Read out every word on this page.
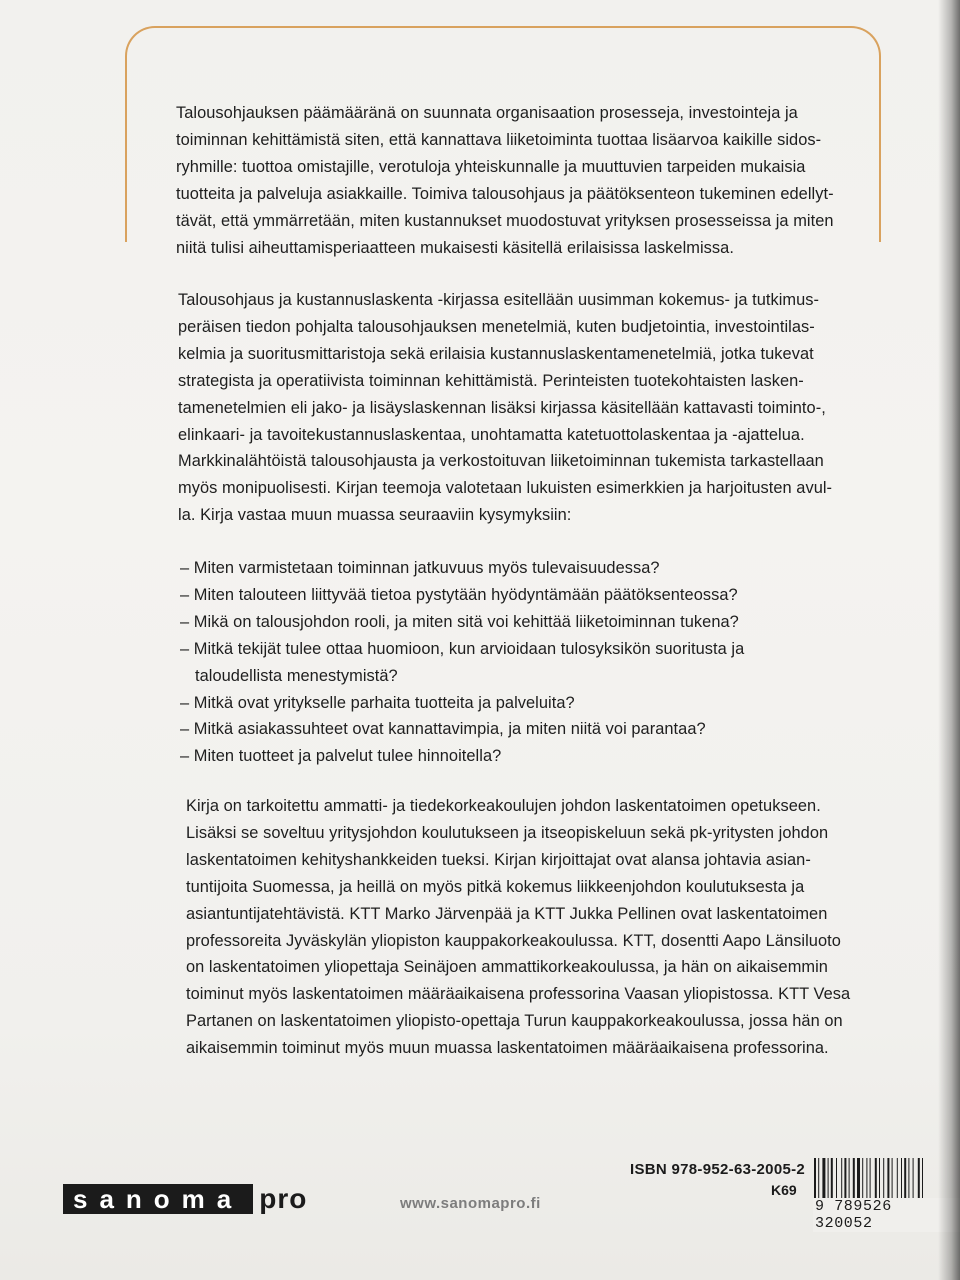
Talousohjauksen päämääränä on suunnata organisaation prosesseja, investointeja ja
toiminnan kehittämistä siten, että kannattava liiketoiminta tuottaa lisäarvoa kaikille sidos-
ryhmille: tuottoa omistajille, verotuloja yhteiskunnalle ja muuttuvien tarpeiden mukaisia
tuotteita ja palveluja asiakkaille. Toimiva talousohjaus ja päätöksenteon tukeminen edellyt-
tävät, että ymmärretään, miten kustannukset muodostuvat yrityksen prosesseissa ja miten
niitä tulisi aiheuttamisperiaatteen mukaisesti käsitellä erilaisissa laskelmissa.
Talousohjaus ja kustannuslaskenta -kirjassa esitellään uusimman kokemus- ja tutkimus-
peräisen tiedon pohjalta talousohjauksen menetelmiä, kuten budjetointia, investointilas-
kelmia ja suoritusmittaristoja sekä erilaisia kustannuslaskentamenetelmiä, jotka tukevat
strategista ja operatiivista toiminnan kehittämistä. Perinteisten tuotekohtaisten lasken-
tamenetelmien eli jako- ja lisäyslaskennan lisäksi kirjassa käsitellään kattavasti toiminto-,
elinkaari- ja tavoitekustannuslaskentaa, unohtamatta katetuottolaskentaa ja -ajattelua.
Markkinalähtöistä talousohjausta ja verkostoituvan liiketoiminnan tukemista tarkastellaan
myös monipuolisesti. Kirjan teemoja valotetaan lukuisten esimerkkien ja harjoitusten avul-
la. Kirja vastaa muun muassa seuraaviin kysymyksiin:
– Miten varmistetaan toiminnan jatkuvuus myös tulevaisuudessa?
– Miten talouteen liittyvää tietoa pystytään hyödyntämään päätöksenteossa?
– Mikä on talousjohdon rooli, ja miten sitä voi kehittää liiketoiminnan tukena?
– Mitkä tekijät tulee ottaa huomioon, kun arvioidaan tulosyksikön suoritusta ja
taloudellista menestymistä?
– Mitkä ovat yritykselle parhaita tuotteita ja palveluita?
– Mitkä asiakassuhteet ovat kannattavimpia, ja miten niitä voi parantaa?
– Miten tuotteet ja palvelut tulee hinnoitella?
Kirja on tarkoitettu ammatti- ja tiedekorkeakoulujen johdon laskentatoimen opetukseen.
Lisäksi se soveltuu yritysjohdon koulutukseen ja itseopiskeluun sekä pk-yritysten johdon
laskentatoimen kehityshankkeiden tueksi. Kirjan kirjoittajat ovat alansa johtavia asian-
tuntijoita Suomessa, ja heillä on myös pitkä kokemus liikkeenjohdon koulutuksesta ja
asiantuntijatehtävistä. KTT Marko Järvenpää ja KTT Jukka Pellinen ovat laskentatoimen
professoreita Jyväskylän yliopiston kauppakorkeakoulussa. KTT, dosentti Aapo Länsiluoto
on laskentatoimen yliopettaja Seinäjoen ammattikorkeakoulussa, ja hän on aikaisemmin
toiminut myös laskentatoimen määräaikaisena professorina Vaasan yliopistossa. KTT Vesa
Partanen on laskentatoimen yliopisto-opettaja Turun kauppakorkeakoulussa, jossa hän on
aikaisemmin toiminut myös muun muassa laskentatoimen määräaikaisena professorina.
sanoma pro	www.sanomapro.fi
ISBN 978-952-63-2005-2
K69
9 789526 320052
